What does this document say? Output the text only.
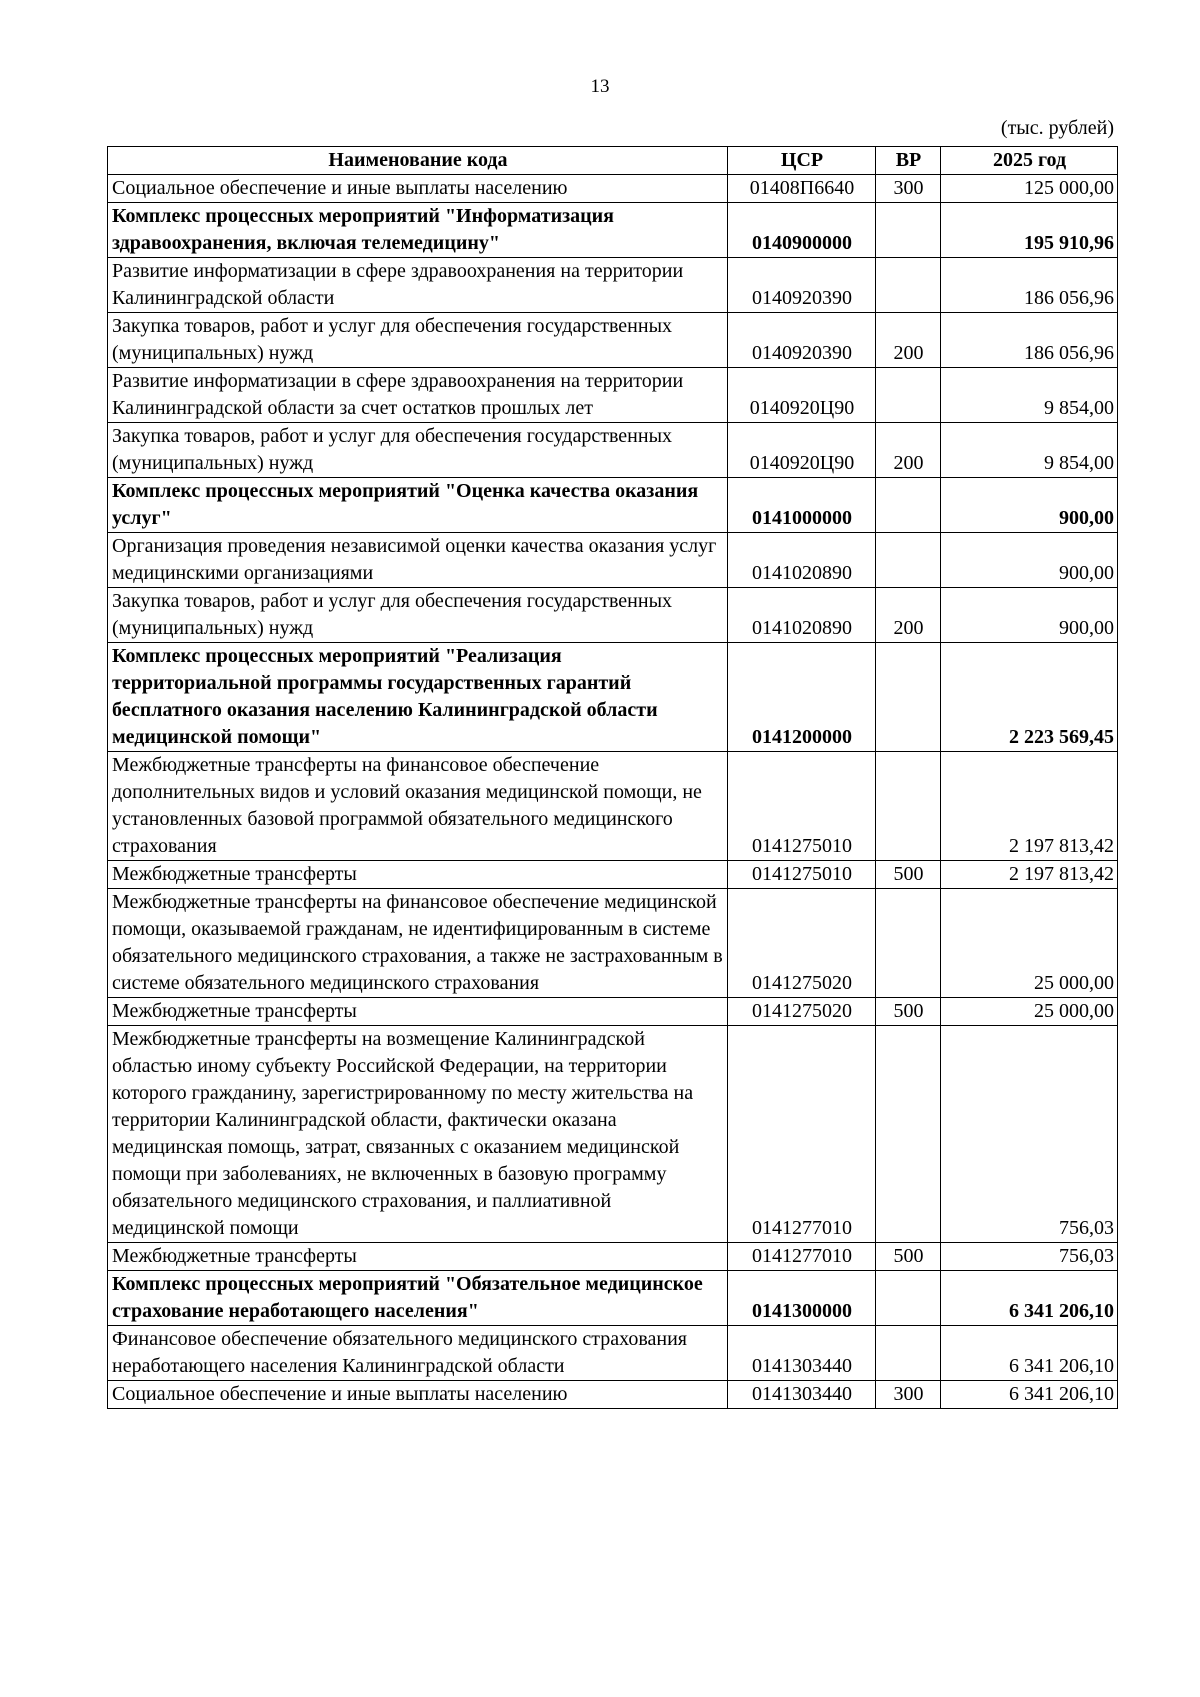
13
(тыс. рублей)
Наименование кода	ЦСР	ВР	2025 год
Социальное обеспечение и иные выплаты населению	01408П6640	300	125 000,00
Комплекс процессных мероприятий "Информатизация здравоохранения, включая телемедицину"	0140900000		195 910,96
Развитие информатизации в сфере здравоохранения на территории Калининградской области	0140920390		186 056,96
Закупка товаров, работ и услуг для обеспечения государственных (муниципальных) нужд	0140920390	200	186 056,96
Развитие информатизации в сфере здравоохранения на территории Калининградской области за счет остатков прошлых лет	0140920Ц90		9 854,00
Закупка товаров, работ и услуг для обеспечения государственных (муниципальных) нужд	0140920Ц90	200	9 854,00
Комплекс процессных мероприятий "Оценка качества оказания услуг"	0141000000		900,00
Организация проведения независимой оценки качества оказания услуг медицинскими организациями	0141020890		900,00
Закупка товаров, работ и услуг для обеспечения государственных (муниципальных) нужд	0141020890	200	900,00
Комплекс процессных мероприятий "Реализация территориальной программы государственных гарантий бесплатного оказания населению Калининградской области медицинской помощи"	0141200000		2 223 569,45
Межбюджетные трансферты на финансовое обеспечение дополнительных видов и условий оказания медицинской помощи, не установленных базовой программой обязательного медицинского страхования	0141275010		2 197 813,42
Межбюджетные трансферты	0141275010	500	2 197 813,42
Межбюджетные трансферты на финансовое обеспечение медицинской помощи, оказываемой гражданам, не идентифицированным в системе обязательного медицинского страхования, а также не застрахованным в системе обязательного медицинского страхования	0141275020		25 000,00
Межбюджетные трансферты	0141275020	500	25 000,00
Межбюджетные трансферты на возмещение Калининградской областью иному субъекту Российской Федерации, на территории которого гражданину, зарегистрированному по месту жительства на территории Калининградской области, фактически оказана медицинская помощь, затрат, связанных с оказанием медицинской помощи при заболеваниях, не включенных в базовую программу обязательного медицинского страхования, и паллиативной медицинской помощи	0141277010		756,03
Межбюджетные трансферты	0141277010	500	756,03
Комплекс процессных мероприятий "Обязательное медицинское страхование неработающего населения"	0141300000		6 341 206,10
Финансовое обеспечение обязательного медицинского страхования неработающего населения Калининградской области	0141303440		6 341 206,10
Социальное обеспечение и иные выплаты населению	0141303440	300	6 341 206,10
